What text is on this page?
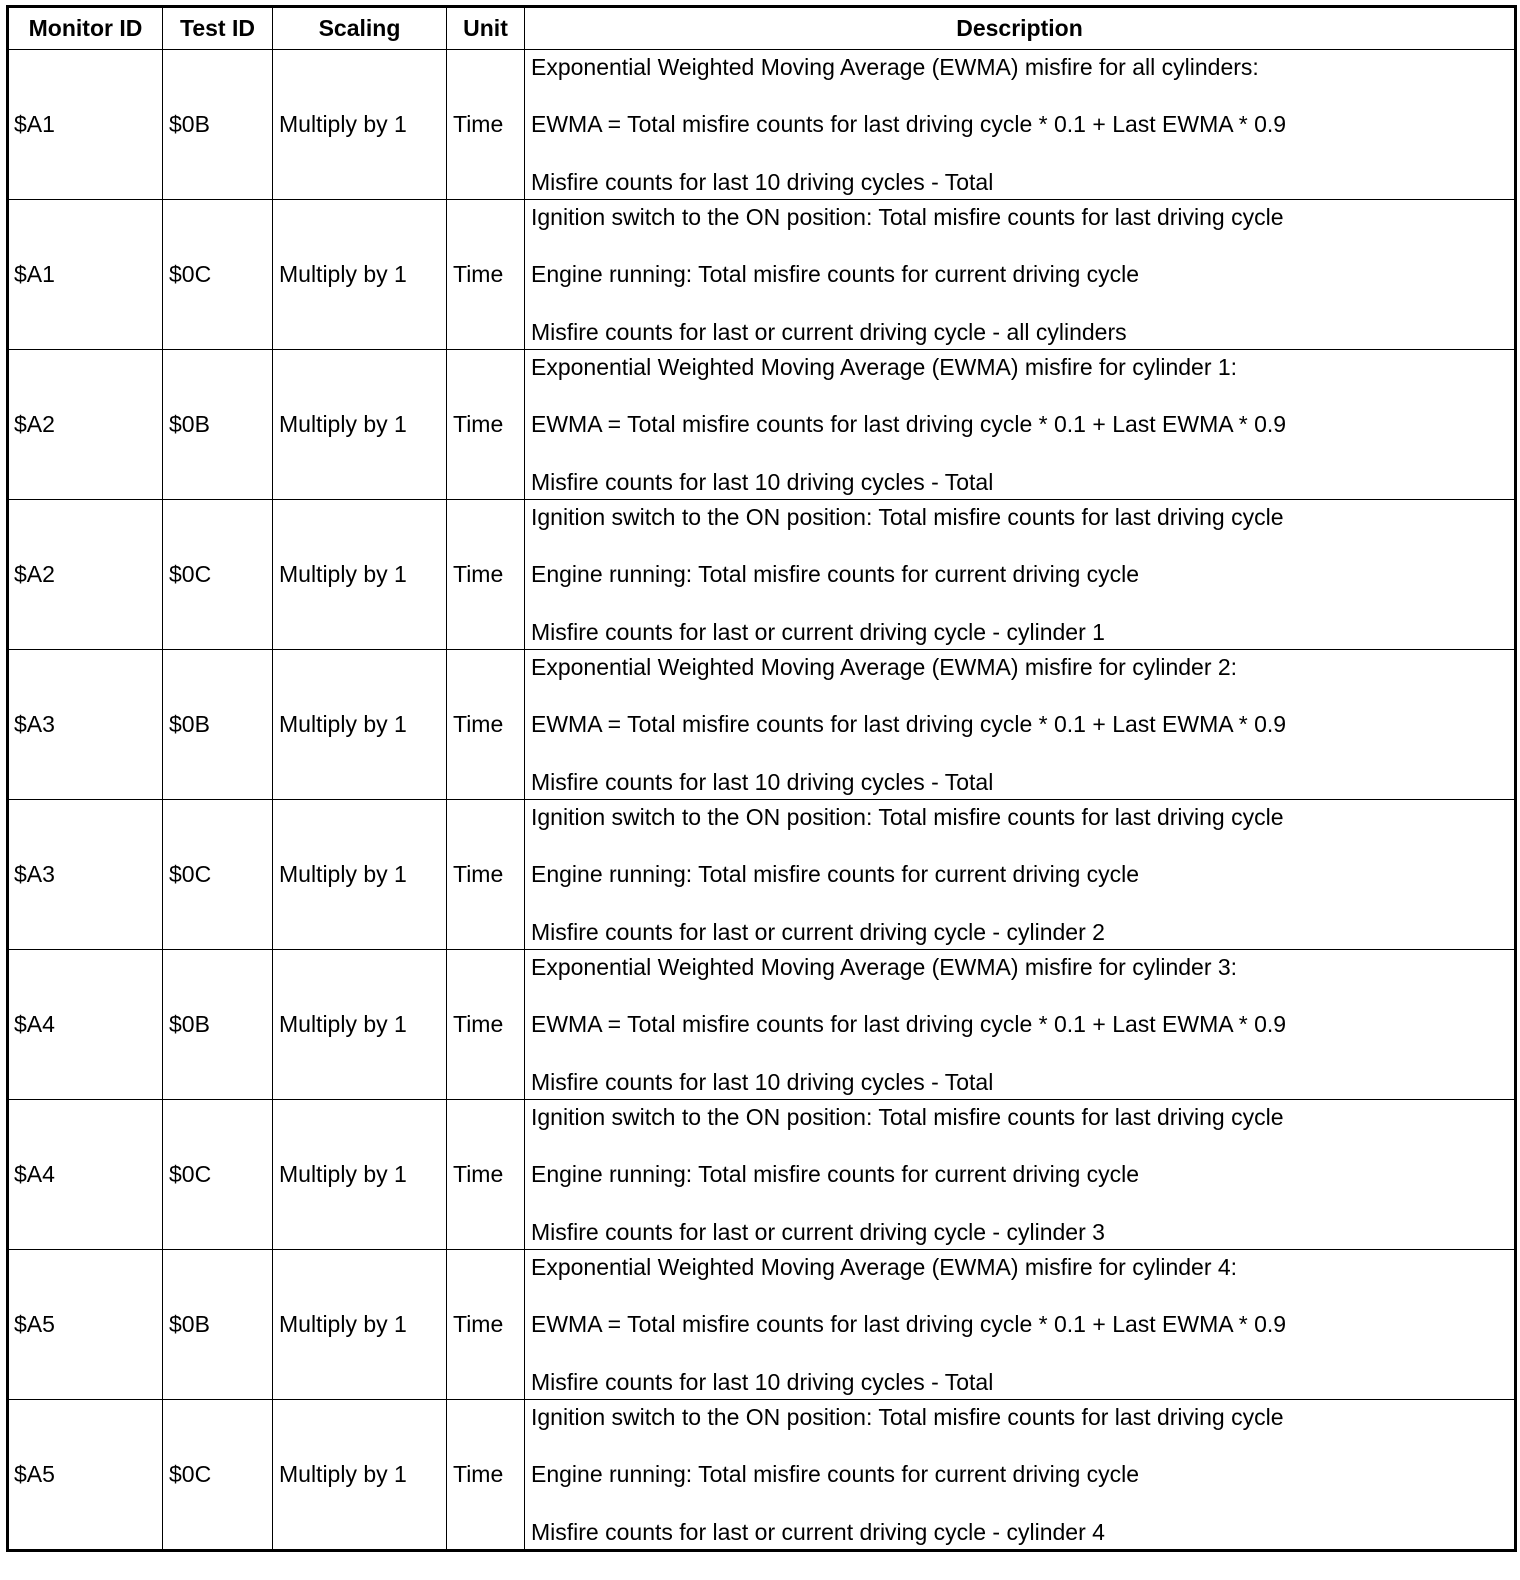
Monitor ID	Test ID	Scaling	Unit	Description
$A1	$0B	Multiply by 1	Time	Exponential Weighted Moving Average (EWMA) misfire for all cylinders:
EWMA = Total misfire counts for last driving cycle * 0.1 + Last EWMA * 0.9
Misfire counts for last 10 driving cycles - Total

$A1	$0C	Multiply by 1	Time	Ignition switch to the ON position: Total misfire counts for last driving cycle
Engine running: Total misfire counts for current driving cycle
Misfire counts for last or current driving cycle - all cylinders

$A2	$0B	Multiply by 1	Time	Exponential Weighted Moving Average (EWMA) misfire for cylinder 1:
EWMA = Total misfire counts for last driving cycle * 0.1 + Last EWMA * 0.9
Misfire counts for last 10 driving cycles - Total

$A2	$0C	Multiply by 1	Time	Ignition switch to the ON position: Total misfire counts for last driving cycle
Engine running: Total misfire counts for current driving cycle
Misfire counts for last or current driving cycle - cylinder 1

$A3	$0B	Multiply by 1	Time	Exponential Weighted Moving Average (EWMA) misfire for cylinder 2:
EWMA = Total misfire counts for last driving cycle * 0.1 + Last EWMA * 0.9
Misfire counts for last 10 driving cycles - Total

$A3	$0C	Multiply by 1	Time	Ignition switch to the ON position: Total misfire counts for last driving cycle
Engine running: Total misfire counts for current driving cycle
Misfire counts for last or current driving cycle - cylinder 2

$A4	$0B	Multiply by 1	Time	Exponential Weighted Moving Average (EWMA) misfire for cylinder 3:
EWMA = Total misfire counts for last driving cycle * 0.1 + Last EWMA * 0.9
Misfire counts for last 10 driving cycles - Total

$A4	$0C	Multiply by 1	Time	Ignition switch to the ON position: Total misfire counts for last driving cycle
Engine running: Total misfire counts for current driving cycle
Misfire counts for last or current driving cycle - cylinder 3

$A5	$0B	Multiply by 1	Time	Exponential Weighted Moving Average (EWMA) misfire for cylinder 4:
EWMA = Total misfire counts for last driving cycle * 0.1 + Last EWMA * 0.9
Misfire counts for last 10 driving cycles - Total

$A5	$0C	Multiply by 1	Time	Ignition switch to the ON position: Total misfire counts for last driving cycle
Engine running: Total misfire counts for current driving cycle
Misfire counts for last or current driving cycle - cylinder 4
